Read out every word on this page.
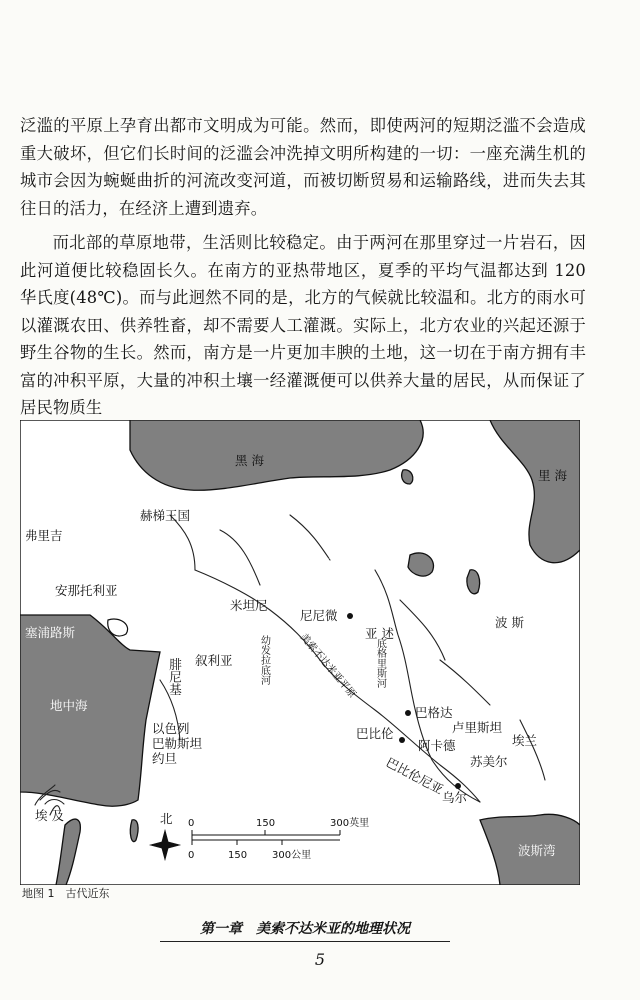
泛滥的平原上孕育出都市文明成为可能。然而，即使两河的短期泛滥不会造成重大破坏，但它们长时间的泛滥会冲洗掉文明所构建的一切：一座充满生机的城市会因为蜿蜒曲折的河流改变河道，而被切断贸易和运输路线，进而失去其往日的活力，在经济上遭到遗弃。

而北部的草原地带，生活则比较稳定。由于两河在那里穿过一片岩石，因此河道便比较稳固长久。在南方的亚热带地区，夏季的平均气温都达到 120 华氏度(48℃)。而与此迥然不同的是，北方的气候就比较温和。北方的雨水可以灌溉农田、供养牲畜，却不需要人工灌溉。实际上，北方农业的兴起还源于野生谷物的生长。然而，南方是一片更加丰腴的土地，这一切在于南方拥有丰富的冲积平原，大量的冲积土壤一经灌溉便可以供养大量的居民，从而保证了居民物质生

黑 海
里 海
赫梯王国
弗里吉
安那托利亚
塞浦路斯
乌拉尔图
米坦尼
尼尼微
亚 述
波 斯
美索不达米亚平原 底格里斯河
幼发拉底河
叙利亚
腓尼基
地中海
以色列
巴勒斯坦
约旦
巴比伦
巴格达
阿卡德
卢里斯坦
埃兰
苏美尔
巴比伦尼亚
乌尔
埃 及
波斯湾
北 0	150	300英里
0	150 300公里
地图 1　古代近东
第一章　美索不达米亚的地理状况
5
